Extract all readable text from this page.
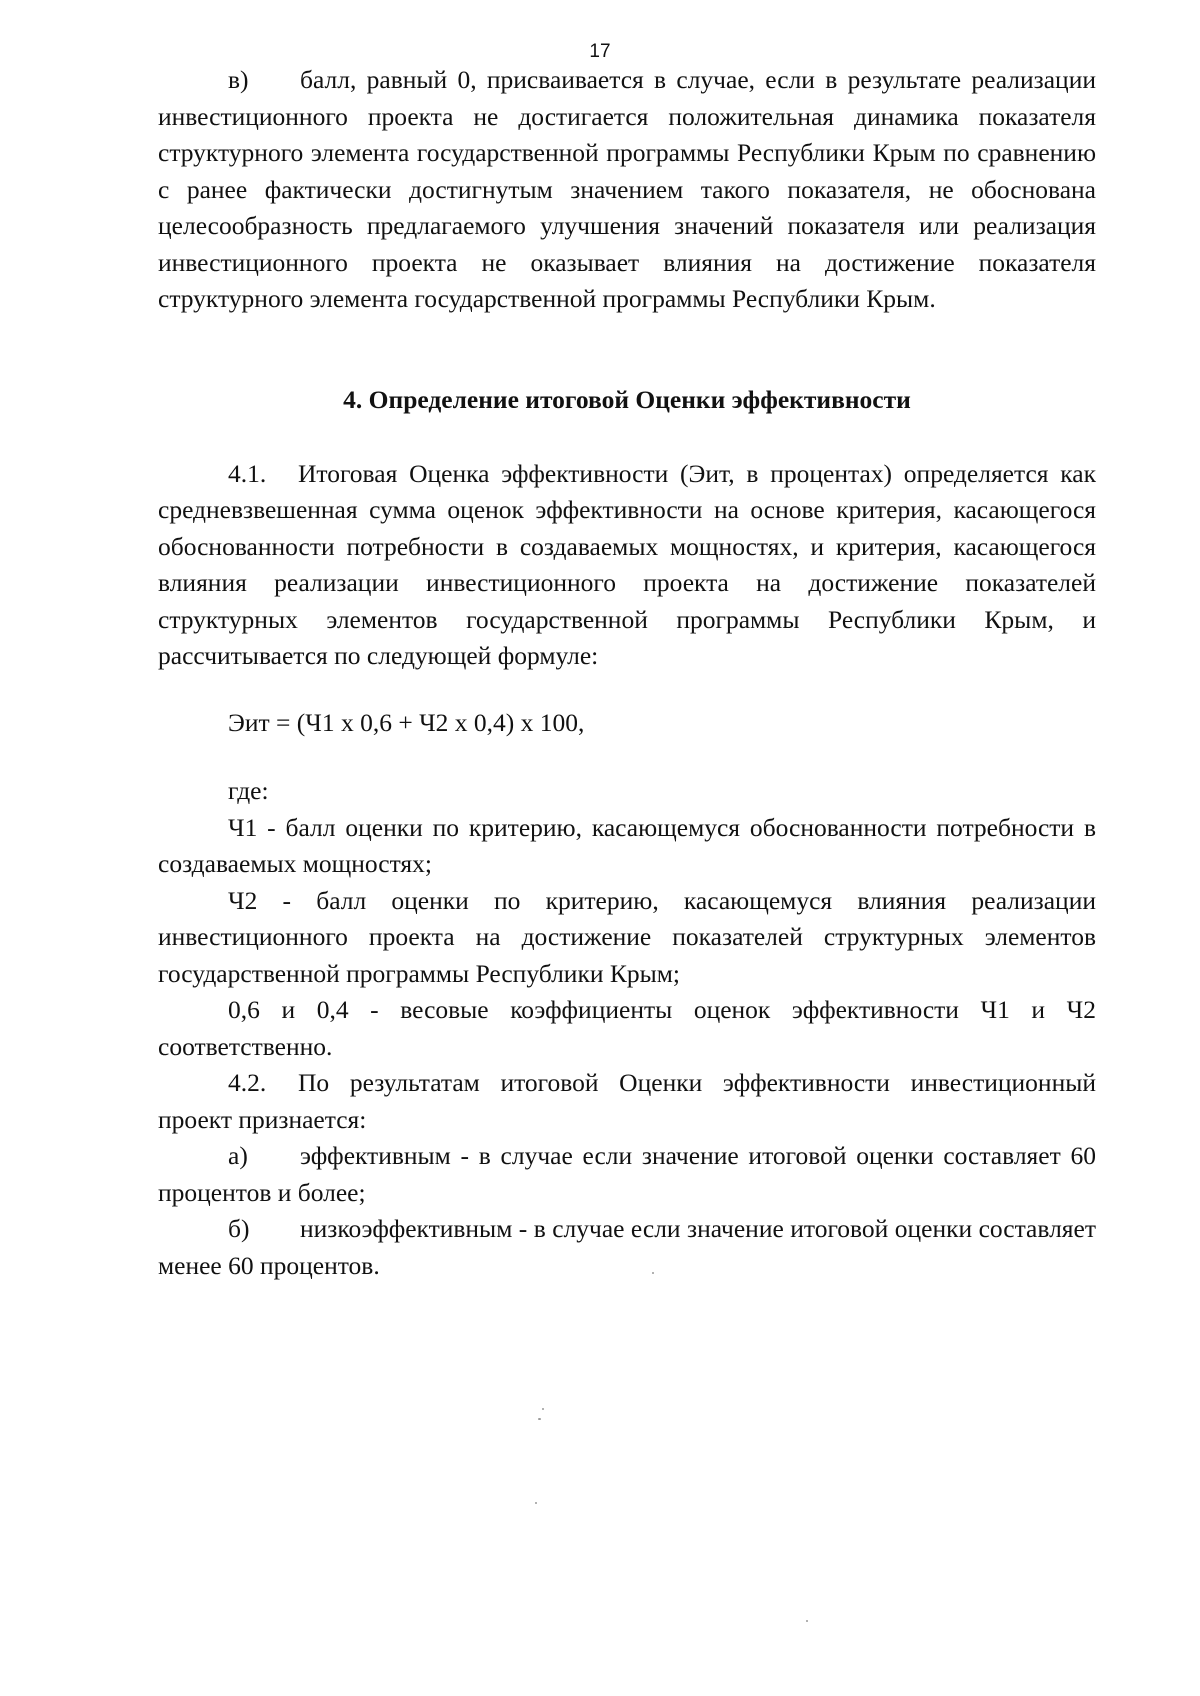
17

в) балл, равный 0, присваивается в случае, если в результате реализации инвестиционного проекта не достигается положительная динамика показателя структурного элемента государственной программы Республики Крым по сравнению с ранее фактически достигнутым значением такого показателя, не обоснована целесообразность предлагаемого улучшения значений показателя или реализация инвестиционного проекта не оказывает влияния на достижение показателя структурного элемента государственной программы Республики Крым.

4. Определение итоговой Оценки эффективности

4.1. Итоговая Оценка эффективности (Эит, в процентах) определяется как средневзвешенная сумма оценок эффективности на основе критерия, касающегося обоснованности потребности в создаваемых мощностях, и критерия, касающегося влияния реализации инвестиционного проекта на достижение показателей структурных элементов государственной программы Республики Крым, и рассчитывается по следующей формуле:

Эит = (Ч1 х 0,6 + Ч2 х 0,4) х 100,

где:

Ч1 - балл оценки по критерию, касающемуся обоснованности потребности в создаваемых мощностях;

Ч2 - балл оценки по критерию, касающемуся влияния реализации инвестиционного проекта на достижение показателей структурных элементов государственной программы Республики Крым;

0,6 и 0,4 - весовые коэффициенты оценок эффективности Ч1 и Ч2 соответственно.

4.2. По результатам итоговой Оценки эффективности инвестиционный проект признается:

а) эффективным - в случае если значение итоговой оценки составляет 60 процентов и более;

б) низкоэффективным - в случае если значение итоговой оценки составляет менее 60 процентов.
